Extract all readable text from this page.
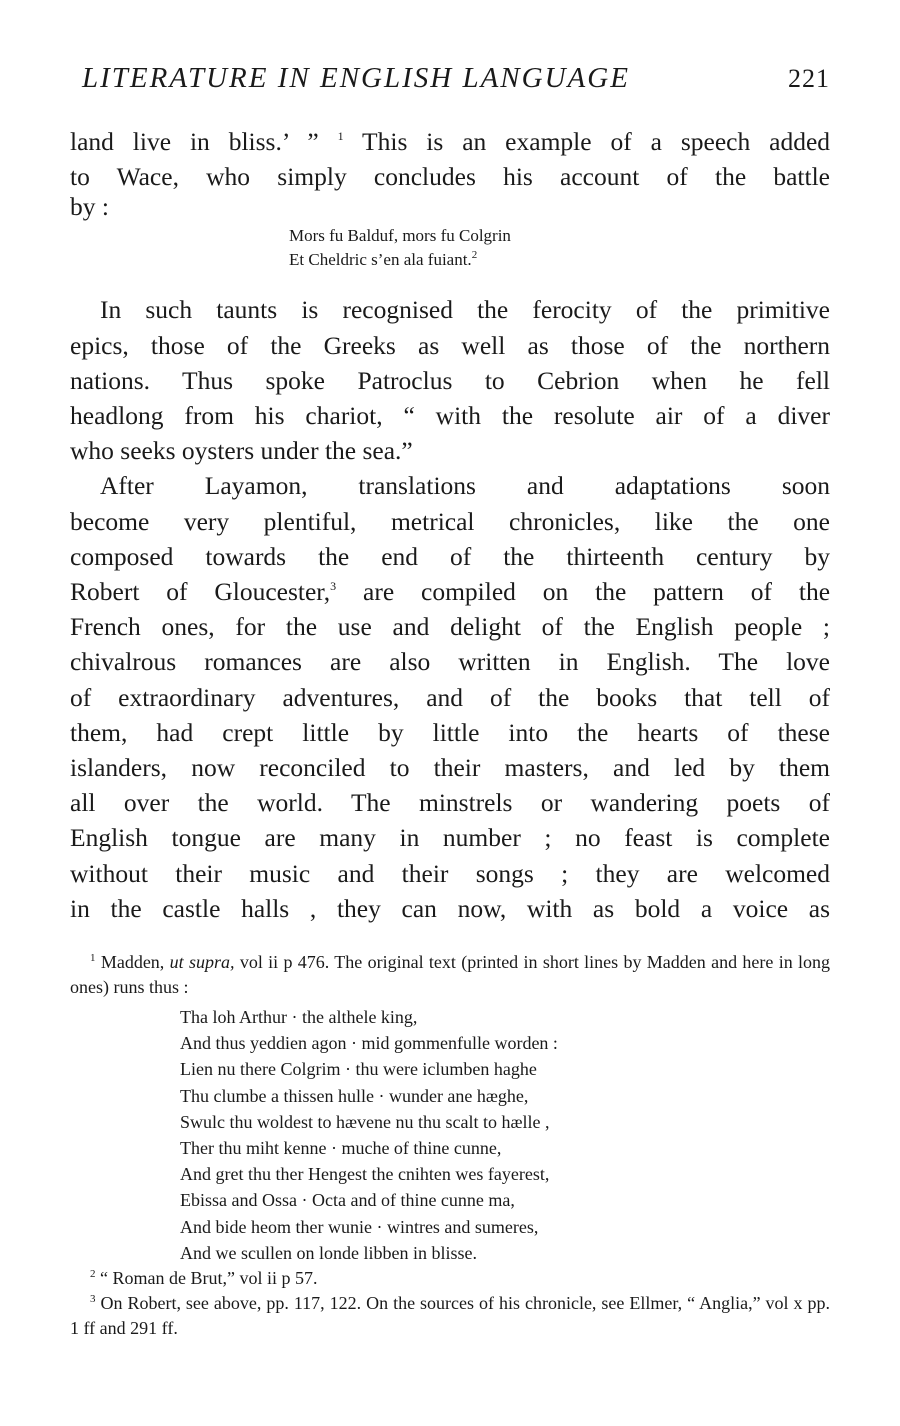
LITERATURE IN ENGLISH LANGUAGE	221
land live in bliss.’ ” $^1$ This is an example of a speech added
to Wace, who simply concludes his account of the battle
by :
Mors fu Balduf, mors fu Colgrin
Et Cheldric s’en ala fuiant.$^2$
In such taunts is recognised the ferocity of the primitive
epics, those of the Greeks as well as those of the northern
nations. Thus spoke Patroclus to Cebrion when he fell
headlong from his chariot, “ with the resolute air of a diver
who seeks oysters under the sea.”
After Layamon, translations and adaptations soon
become very plentiful, metrical chronicles, like the one
composed towards the end of the thirteenth century by
Robert of Gloucester,$^3$ are compiled on the pattern of the
French ones, for the use and delight of the English people ;
chivalrous romances are also written in English. The love
of extraordinary adventures, and of the books that tell of
them, had crept little by little into the hearts of these
islanders, now reconciled to their masters, and led by them
all over the world. The minstrels or wandering poets of
English tongue are many in number ; no feast is complete
without their music and their songs ; they are welcomed
in the castle halls , they can now, with as bold a voice as
$^1$ Madden, ut supra, vol ii p 476. The original text (printed in short lines by Madden and here in long ones) runs thus :
Tha loh Arthur · the althele king,
And thus yeddien agon · mid gommenfulle worden :
Lien nu there Colgrim · thu were iclumben haghe
Thu clumbe a thissen hulle · wunder ane hæghe,
Swulc thu woldest to hævene nu thu scalt to hælle ,
Ther thu miht kenne · muche of thine cunne,
And gret thu ther Hengest the cnihten wes fayerest,
Ebissa and Ossa · Octa and of thine cunne ma,
And bide heom ther wunie · wintres and sumeres,
And we scullen on londe libben in blisse.
$^2$ “ Roman de Brut,” vol ii p 57.
$^3$ On Robert, see above, pp. 117, 122. On the sources of his chronicle, see Ellmer, “ Anglia,” vol x pp. 1 ff and 291 ff.
